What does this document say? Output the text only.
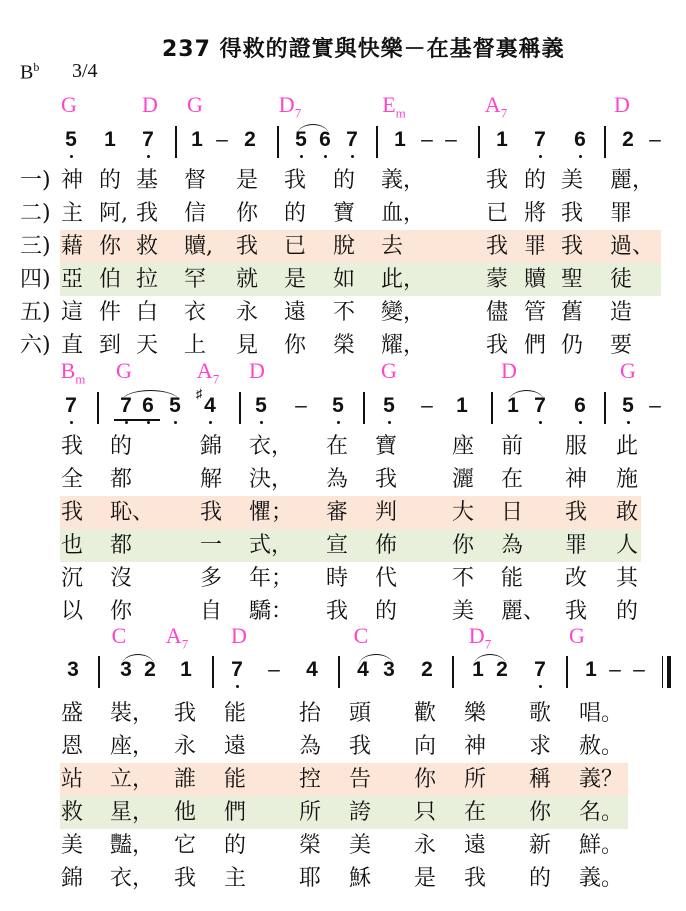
237 得救的證實與快樂－在基督裏稱義
$B^b$ 3/4
G	D G	$D_7$	$E_m$	$A_7$	D
5 1 7 1 – 2 5 6 7 1 – – 1 7 6 2 –
一) 神 的 基 督 是 我 的 義，	我 的 美 麗，
二) 主 阿, 我 信 你 的 寶 血，	已 將 我 罪
三) 藉 你 救 贖, 我 已 脫 去	我 罪 我 過、
四) 亞 伯 拉 罕 就 是 如 此，	蒙 贖 聖 徒
五) 這 件 白 衣 永 遠 不 變，	儘 管 舊 造
六) 直 到 天 上 見 你 榮 耀，	我 們 仍 要
$B_m$ G	$A_7$ D	G	D	G
7 7 6 5 4
♯
5 – 5 5 – 1 1 7 6 5 –
我 的	錦 衣， 在 寶 座 前 服 此
全 都	解 決， 為 我 灑 在 神 施
我 恥、 我 懼； 審 判 大 日 我 敢
也 都	一 式， 宣 佈 你 為 罪 人
沉 沒	多 年； 時 代 不 能 改 其
以 你	自 驕： 我 的 美 麗、 我 的
C $A_7$ D	C	$D_7$	G
3 3 2 1 7 – 4 4 3 2 1 2 7 1 – –
盛 裝， 我 能 抬 頭 歡 樂 歌 唱。
恩 座， 永 遠 為 我 向 神 求 赦。
站 立， 誰 能 控 告 你 所 稱 義？
救 星， 他 們 所 誇 只 在 你 名。
美 豔， 它 的 榮 美 永 遠 新 鮮。
錦 衣， 我 主 耶 穌 是 我 的 義。
